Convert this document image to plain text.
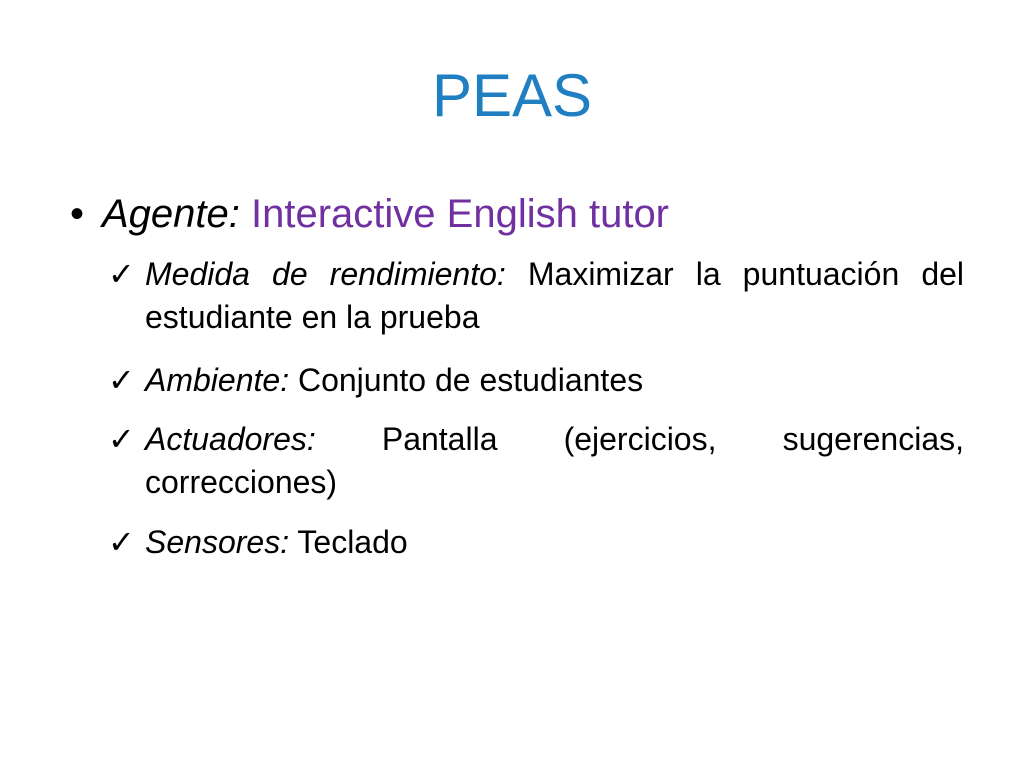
PEAS
• Agente: Interactive English tutor
✓ Medida de rendimiento: Maximizar la puntuación del estudiante en la prueba
✓ Ambiente: Conjunto de estudiantes
✓ Actuadores: Pantalla (ejercicios, sugerencias, correcciones)
✓ Sensores: Teclado
